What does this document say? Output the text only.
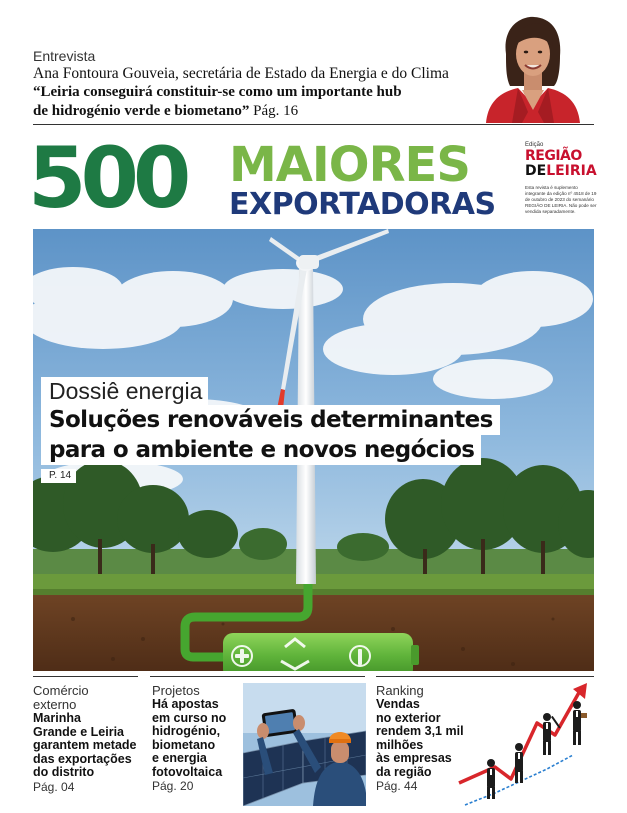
Entrevista
Ana Fontoura Gouveia, secretária de Estado da Energia e do Clima
“Leiria conseguirá constituir-se como um importante hub
de hidrogénio verde e biometano” Pág. 16
500 MAIORES
EXPORTADORAS
Edição
REGIÃO
DELEIRIA
Esta revista é suplemento integrante da edição nº 4518 de 19 de outubro de 2023 do semanário REGIÃO DE LEIRIA. Não pode ser vendida separadamente.
Dossiê energia
Soluções renováveis determinantes
para o ambiente e novos negócios
P. 14
Comércio
externo
Marinha
Grande e Leiria
garantem metade
das exportações
do distrito
Pág. 04
Projetos
Há apostas
em curso no
hidrogénio,
biometano
e energia
fotovoltaica
Pág. 20
Ranking
Vendas
no exterior
rendem 3,1 mil
milhões
às empresas
da região
Pág. 44
